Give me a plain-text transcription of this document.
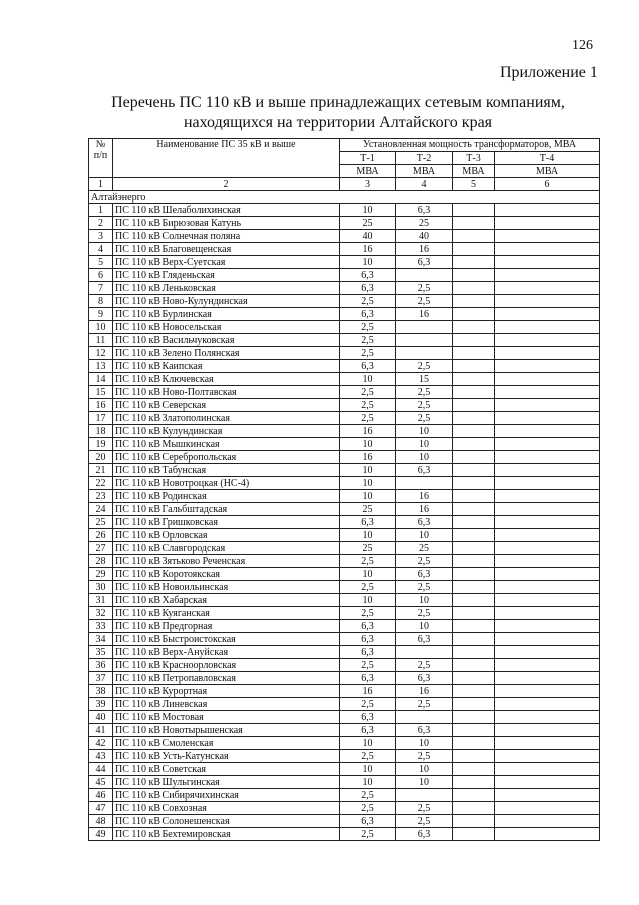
126
Приложение 1
Перечень ПС 110 кВ и выше принадлежащих сетевым компаниям,
находящихся на территории Алтайского края
№ п/п	Наименование ПС 35 кВ и выше	Установленная мощность трансформаторов, МВА			
		Т-1	Т-2	Т-3	Т-4
		МВА	МВА	МВА	МВА
1	2	3	4	5	6
Алтайэнерго					
1	ПС 110 кВ Шелаболихинская	10	6,3		
2	ПС 110 кВ Бирюзовая Катунь	25	25		
3	ПС 110 кВ Солнечная поляна	40	40		
4	ПС 110 кВ Благовещенская	16	16		
5	ПС 110 кВ Верх-Суетская	10	6,3		
6	ПС 110 кВ Гляденьская	6,3			
7	ПС 110 кВ Леньковская	6,3	2,5		
8	ПС 110 кВ Ново-Кулундинская	2,5	2,5		
9	ПС 110 кВ Бурлинская	6,3	16		
10	ПС 110 кВ Новосельская	2,5			
11	ПС 110 кВ Васильчуковская	2,5			
12	ПС 110 кВ Зелено Полянская	2,5			
13	ПС 110 кВ Каипская	6,3	2,5		
14	ПС 110 кВ Ключевская	10	15		
15	ПС 110 кВ Ново-Полтавская	2,5	2,5		
16	ПС 110 кВ Северская	2,5	2,5		
17	ПС 110 кВ Златополинская	2,5	2,5		
18	ПС 110 кВ Кулундинская	16	10		
19	ПС 110 кВ Мышкинская	10	10		
20	ПС 110 кВ Серебропольская	16	10		
21	ПС 110 кВ Табунская	10	6,3		
22	ПС 110 кВ Новотроцкая (НС-4)	10			
23	ПС 110 кВ Родинская	10	16		
24	ПС 110 кВ Гальбштадская	25	16		
25	ПС 110 кВ Гришковская	6,3	6,3		
26	ПС 110 кВ Орловская	10	10		
27	ПС 110 кВ Славгородская	25	25		
28	ПС 110 кВ Зятьково Реченская	2,5	2,5		
29	ПС 110 кВ Коротоякская	10	6,3		
30	ПС 110 кВ Новоильинская	2,5	2,5		
31	ПС 110 кВ Хабарская	10	10		
32	ПС 110 кВ Куяганская	2,5	2,5		
33	ПС 110 кВ Предгорная	6,3	10		
34	ПС 110 кВ Быстроистокская	6,3	6,3		
35	ПС 110 кВ Верх-Ануйская	6,3			
36	ПС 110 кВ Красноорловская	2,5	2,5		
37	ПС 110 кВ Петропавловская	6,3	6,3		
38	ПС 110 кВ Курортная	16	16		
39	ПС 110 кВ Линевская	2,5	2,5		
40	ПС 110 кВ Мостовая	6,3			
41	ПС 110 кВ Новотырышенская	6,3	6,3		
42	ПС 110 кВ Смоленская	10	10		
43	ПС 110 кВ Усть-Катунская	2,5	2,5		
44	ПС 110 кВ Советская	10	10		
45	ПС 110 кВ Шульгинская	10	10		
46	ПС 110 кВ Сибирячихинская	2,5			
47	ПС 110 кВ Совхозная	2,5	2,5		
48	ПС 110 кВ Солонешенская	6,3	2,5		
49	ПС 110 кВ Бехтемировская	2,5	6,3		
